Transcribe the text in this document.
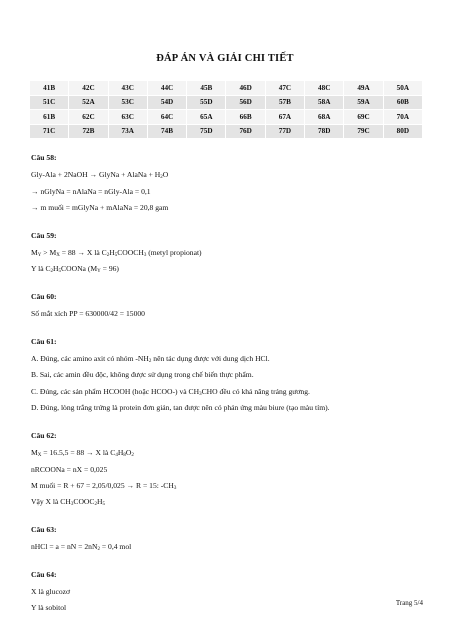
ĐÁP ÁN VÀ GIẢI CHI TIẾT
41B	42C	43C	44C	45B	46D	47C	48C	49A	50A
51C	52A	53C	54D	55D	56D	57B	58A	59A	60B
61B	62C	63C	64C	65A	66B	67A	68A	69C	70A
71C	72B	73A	74B	75D	76D	77D	78D	79C	80D
Câu 58:
Gly-Ala + 2NaOH → GlyNa + AlaNa + $H_2O$
→ nGlyNa = nAlaNa = nGly-Ala = 0,1
→ m muối = mGlyNa + mAlaNa = 20,8 gam
Câu 59:
$M_Y > M_X = 88 \to X$ là $C_2H_5COOCH_3$ (metyl propionat)
Y là $C_2H_5COONa$ $(M_Y = 96)$
Câu 60:
Số mắt xích PP = 630000/42 = 15000
Câu 61:
A. Đúng, các amino axit có nhóm $-NH_2$ nên tác dụng được với dung dịch HCl.
B. Sai, các amin đều độc, không được sử dụng trong chế biến thực phẩm.
C. Đúng, các sản phẩm HCOOH (hoặc HCOO-) và $CH_3CHO$ đều có khả năng tráng gương.
D. Đúng, lòng trắng trứng là protein đơn giản, tan được nên có phản ứng màu biure (tạo màu tím).
Câu 62:
$M_X = 16.5,5 = 88 \to X$ là $C_4H_8O_2$
nRCOONa = nX = 0,025
M muối = R + 67 = 2,05/0,025 → R = 15: $-CH_3$
Vậy X là $CH_3COOC_2H_5$
Câu 63:
nHCl = a = nN = $2nN_2 = 0,4$ mol
Câu 64:
X là glucozơ
Y là sobitol
Trang 5/4
